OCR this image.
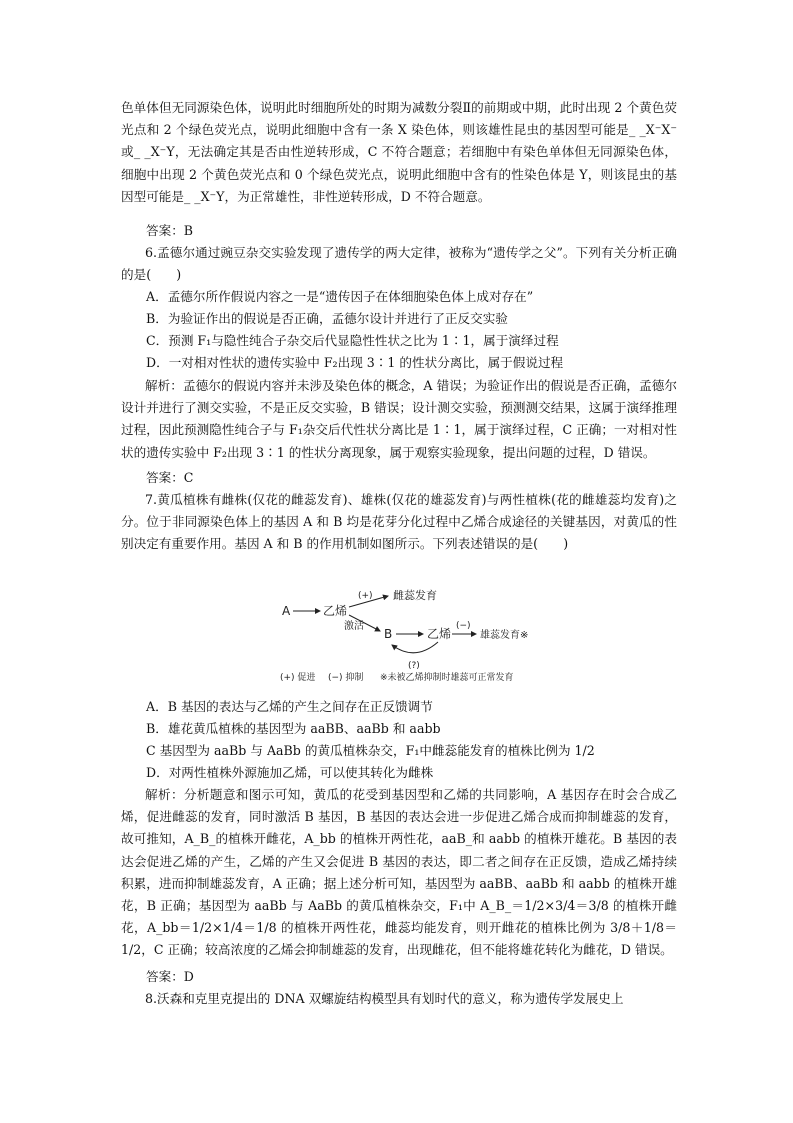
色单体但无同源染色体，说明此时细胞所处的时期为减数分裂Ⅱ的前期或中期，此时出现 2 个黄色荧光点和 2 个绿色荧光点，说明此细胞中含有一条 X 染色体，则该雄性昆虫的基因型可能是_ _X⁻X⁻或_ _X⁻Y，无法确定其是否由性逆转形成，C 不符合题意；若细胞中有染色单体但无同源染色体，细胞中出现 2 个黄色荧光点和 0 个绿色荧光点，说明此细胞中含有的性染色体是 Y，则该昆虫的基因型可能是_ _X⁻Y，为正常雄性，非性逆转形成，D 不符合题意。
答案：B
6.孟德尔通过豌豆杂交实验发现了遗传学的两大定律，被称为“遗传学之父”。下列有关分析正确的是(　　)
A．孟德尔所作假说内容之一是“遗传因子在体细胞染色体上成对存在”
B．为验证作出的假说是否正确，孟德尔设计并进行了正反交实验
C．预测 F₁与隐性纯合子杂交后代显隐性性状之比为 1∶1，属于演绎过程
D．一对相对性状的遗传实验中 F₂出现 3∶1 的性状分离比，属于假说过程
解析：孟德尔的假说内容并未涉及染色体的概念，A 错误；为验证作出的假说是否正确，孟德尔设计并进行了测交实验，不是正反交实验，B 错误；设计测交实验，预测测交结果，这属于演绎推理过程，因此预测隐性纯合子与 F₁杂交后代性状分离比是 1∶1，属于演绎过程，C 正确；一对相对性状的遗传实验中 F₂出现 3∶1 的性状分离现象，属于观察实验现象，提出问题的过程，D 错误。
答案：C
7.黄瓜植株有雌株(仅花的雌蕊发育)、雄株(仅花的雄蕊发育)与两性植株(花的雌雄蕊均发育)之分。位于非同源染色体上的基因 A 和 B 均是花芽分化过程中乙烯合成途径的关键基因，对黄瓜的性别决定有重要作用。基因 A 和 B 的作用机制如图所示。下列表述错误的是(　　)
A	乙烯
(+) 雌蕊发育
激活
B	乙烯
(−)
雄蕊发育※
(?)
(+) 促进 (−) 抑制 ※未被乙烯抑制时雄蕊可正常发育
A．B 基因的表达与乙烯的产生之间存在正反馈调节
B．雄花黄瓜植株的基因型为 aaBB、aaBb 和 aabb
C 基因型为 aaBb 与 AaBb 的黄瓜植株杂交，F₁中雌蕊能发育的植株比例为 1/2
D．对两性植株外源施加乙烯，可以使其转化为雌株
解析：分析题意和图示可知，黄瓜的花受到基因型和乙烯的共同影响，A 基因存在时会合成乙烯，促进雌蕊的发育，同时激活 B 基因，B 基因的表达会进一步促进乙烯合成而抑制雄蕊的发育，故可推知，A_B_的植株开雌花，A_bb 的植株开两性花，aaB_和 aabb 的植株开雄花。B 基因的表达会促进乙烯的产生，乙烯的产生又会促进 B 基因的表达，即二者之间存在正反馈，造成乙烯持续积累，进而抑制雄蕊发育，A 正确；据上述分析可知，基因型为 aaBB、aaBb 和 aabb 的植株开雄花，B 正确；基因型为 aaBb 与 AaBb 的黄瓜植株杂交，F₁中 A_B_＝1/2×3/4＝3/8 的植株开雌花，A_bb＝1/2×1/4＝1/8 的植株开两性花，雌蕊均能发育，则开雌花的植株比例为 3/8＋1/8＝1/2，C 正确；较高浓度的乙烯会抑制雄蕊的发育，出现雌花，但不能将雄花转化为雌花，D 错误。
答案：D
8.沃森和克里克提出的 DNA 双螺旋结构模型具有划时代的意义，称为遗传学发展史上
